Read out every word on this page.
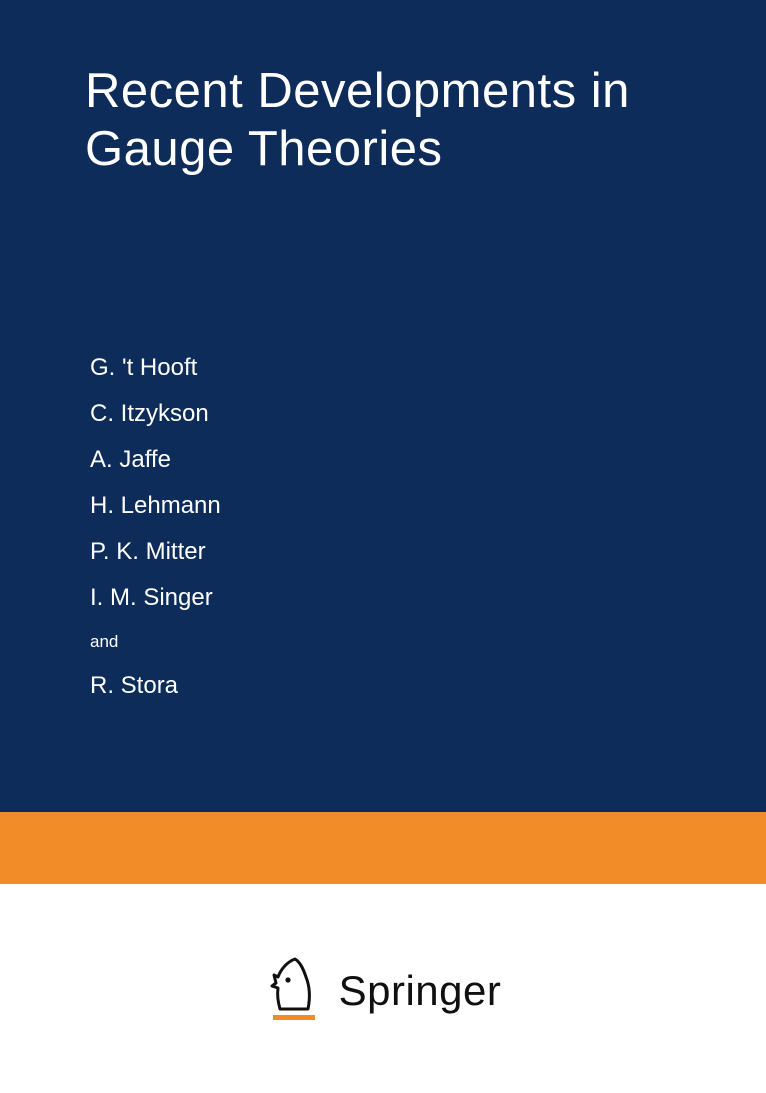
Recent Developments in
Gauge Theories
G. 't Hooft
C. Itzykson
A. Jaffe
H. Lehmann
P. K. Mitter
I. M. Singer
and
R. Stora
Springer
